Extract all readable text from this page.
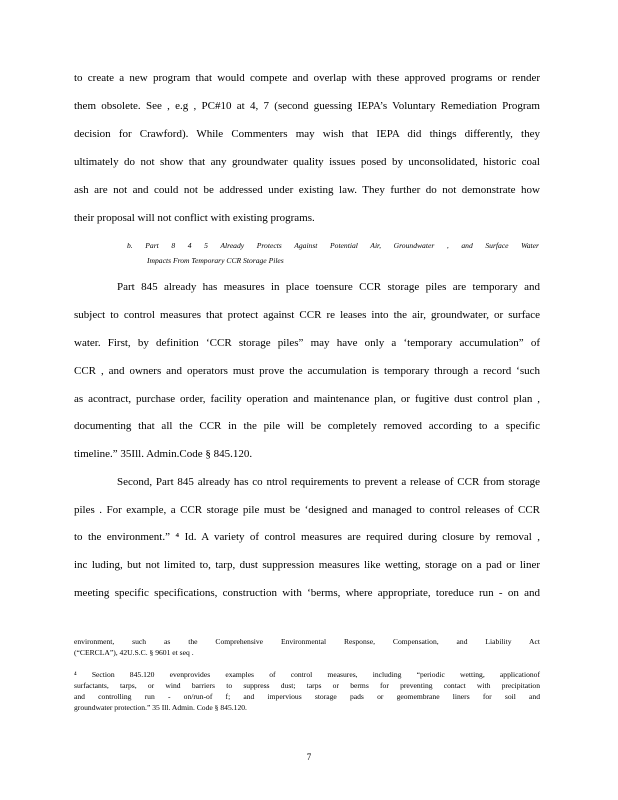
to create a new program that would compete and overlap with these approved programs or render
them obsolete. See , e.g , PC#10 at 4, 7 (second guessing IEPA’s Voluntary Remediation Program
decision for Crawford). While Commenters may wish that IEPA did things differently, they
ultimately do not show that any groundwater quality issues posed by unconsolidated, historic coal
ash are not and could not be addressed under existing law. They further do not demonstrate how
their proposal will not conflict with existing programs.
b. Part 8 4 5 Already Protects Against Potential Air, Groundwater , and Surface Water
Impacts From Temporary CCR Storage Piles
Part 845 already has measures in place toensure CCR storage piles are temporary and
subject to control measures that protect against CCR re leases into the air, groundwater, or surface
water. First, by definition ‘CCR storage piles” may have only a ‘temporary accumulation” of
CCR , and owners and operators must prove the accumulation is temporary through a record ‘such
as acontract, purchase order, facility operation and maintenance plan, or fugitive dust control plan ,
documenting that all the CCR in the pile will be completely removed according to a specific
timeline.” 35Ill. Admin.Code § 845.120.
Second, Part 845 already has co ntrol requirements to prevent a release of CCR from storage
piles . For example, a CCR storage pile must be ‘designed and managed to control releases of CCR
to the environment.” ⁴ Id. A variety of control measures are required during closure by removal ,
inc luding, but not limited to, tarp, dust suppression measures like wetting, storage on a pad or liner
meeting specific specifications, construction with ‘berms, where appropriate, toreduce run - on and
environment, such as the Comprehensive Environmental Response, Compensation, and Liability Act
(“CERCLA”), 42U.S.C. § 9601 et seq .
⁴ Section 845.120 evenprovides examples of control measures, including “periodic wetting, applicationof
surfactants, tarps, or wind barriers to suppress dust; tarps or berms for preventing contact with precipitation
and controlling run - on/run-of f; and impervious storage pads or geomembrane liners for soil and
groundwater protection.” 35 Ill. Admin. Code § 845.120.
7
